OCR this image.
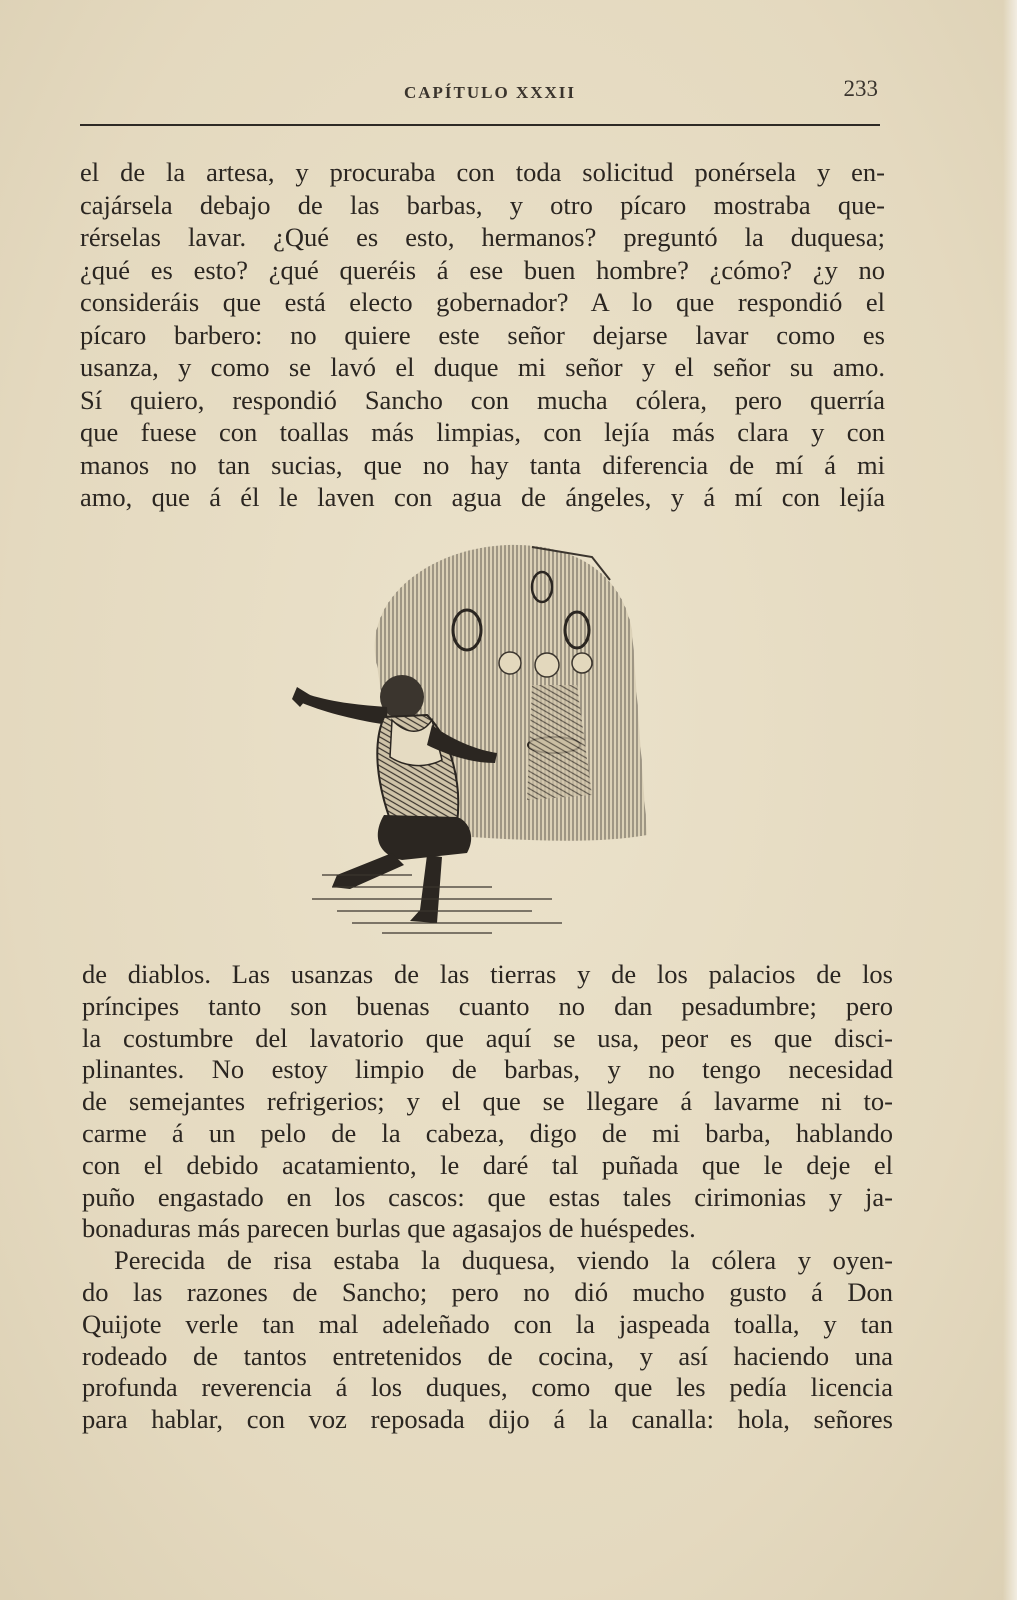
CAPÍTULO XXXII	233
el de la artesa, y procuraba con toda solicitud ponérsela y en-
cajársela debajo de las barbas, y otro pícaro mostraba que-
rérselas lavar. ¿Qué es esto, hermanos? preguntó la duquesa;
¿qué es esto? ¿qué queréis á ese buen hombre? ¿cómo? ¿y no
consideráis que está electo gobernador? A lo que respondió el
pícaro barbero: no quiere este señor dejarse lavar como es
usanza, y como se lavó el duque mi señor y el señor su amo.
Sí quiero, respondió Sancho con mucha cólera, pero querría
que fuese con toallas más limpias, con lejía más clara y con
manos no tan sucias, que no hay tanta diferencia de mí á mi
amo, que á él le laven con agua de ángeles, y á mí con lejía
de diablos. Las usanzas de las tierras y de los palacios de los
príncipes tanto son buenas cuanto no dan pesadumbre; pero
la costumbre del lavatorio que aquí se usa, peor es que disci-
plinantes. No estoy limpio de barbas, y no tengo necesidad
de semejantes refrigerios; y el que se llegare á lavarme ni to-
carme á un pelo de la cabeza, digo de mi barba, hablando
con el debido acatamiento, le daré tal puñada que le deje el
puño engastado en los cascos: que estas tales cirimonias y ja-
bonaduras más parecen burlas que agasajos de huéspedes.
Perecida de risa estaba la duquesa, viendo la cólera y oyen-
do las razones de Sancho; pero no dió mucho gusto á Don
Quijote verle tan mal adeleñado con la jaspeada toalla, y tan
rodeado de tantos entretenidos de cocina, y así haciendo una
profunda reverencia á los duques, como que les pedía licencia
para hablar, con voz reposada dijo á la canalla: hola, señores
